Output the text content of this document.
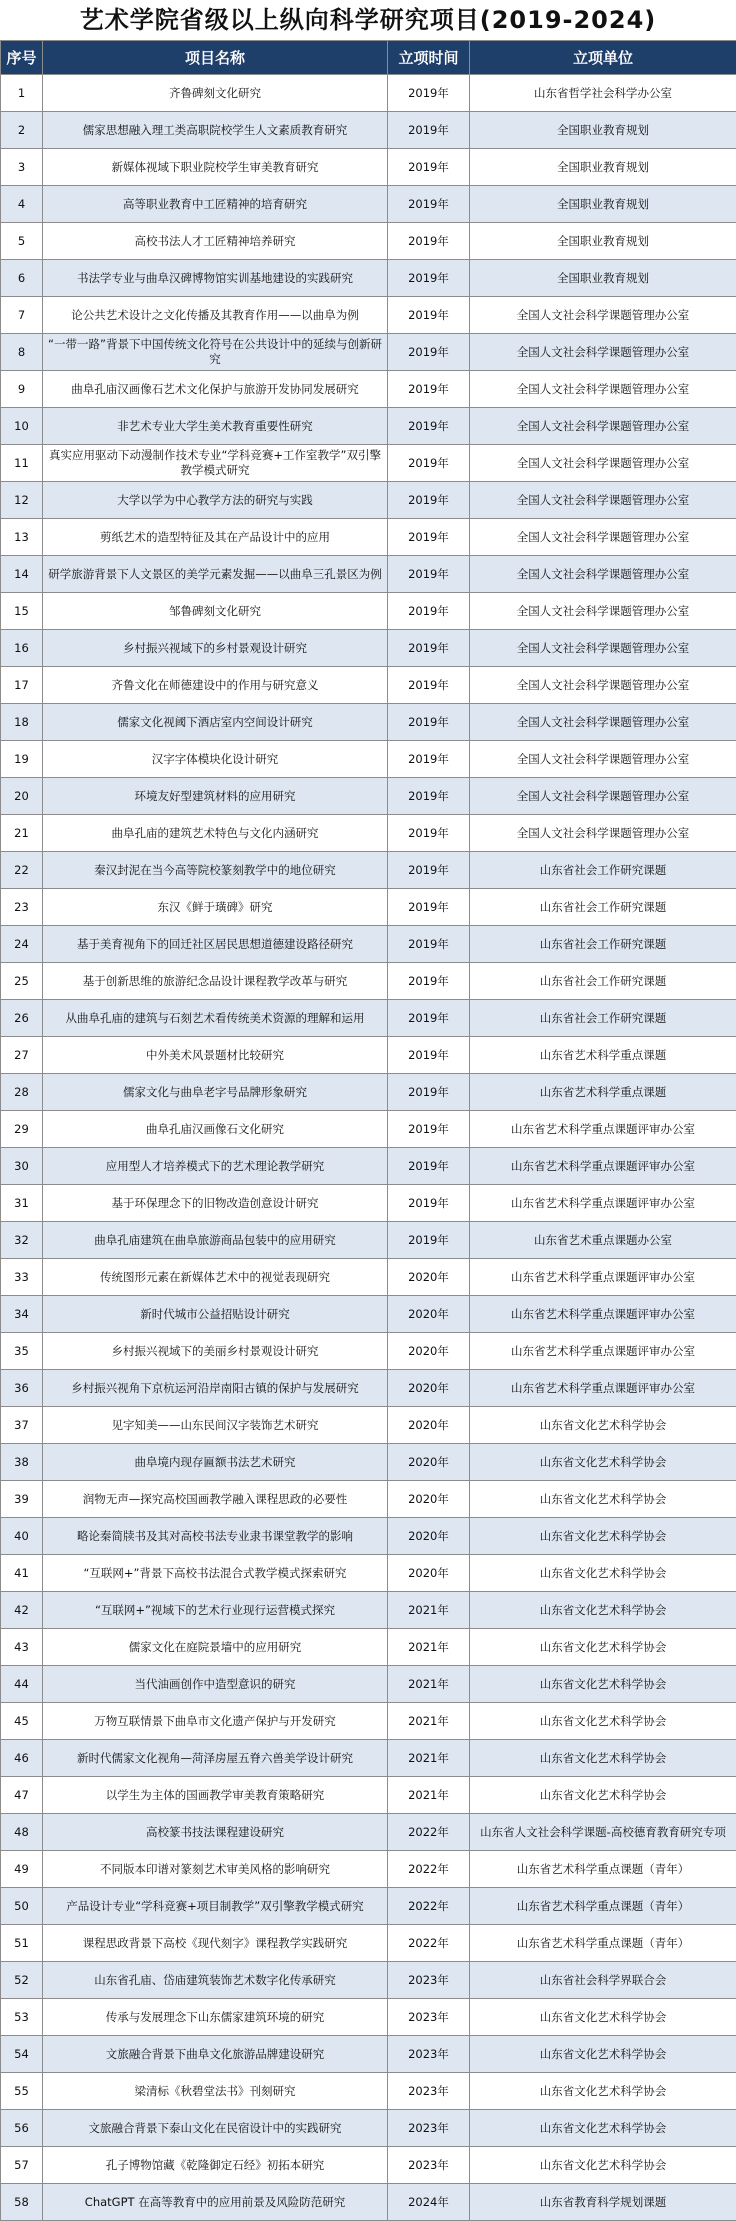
艺术学院省级以上纵向科学研究项目(2019-2024)
序号	项目名称	立项时间	立项单位
1	齐鲁碑刻文化研究	2019年	山东省哲学社会科学办公室
2	儒家思想融入理工类高职院校学生人文素质教育研究	2019年	全国职业教育规划
3	新媒体视域下职业院校学生审美教育研究	2019年	全国职业教育规划
4	高等职业教育中工匠精神的培育研究	2019年	全国职业教育规划
5	高校书法人才工匠精神培养研究	2019年	全国职业教育规划
6	书法学专业与曲阜汉碑博物馆实训基地建设的实践研究	2019年	全国职业教育规划
7	论公共艺术设计之文化传播及其教育作用——以曲阜为例	2019年	全国人文社会科学课题管理办公室
8	“一带一路”背景下中国传统文化符号在公共设计中的延续与创新研究	2019年	全国人文社会科学课题管理办公室
9	曲阜孔庙汉画像石艺术文化保护与旅游开发协同发展研究	2019年	全国人文社会科学课题管理办公室
10	非艺术专业大学生美术教育重要性研究	2019年	全国人文社会科学课题管理办公室
11	真实应用驱动下动漫制作技术专业“学科竞赛+工作室教学”双引擎教学模式研究	2019年	全国人文社会科学课题管理办公室
12	大学以学为中心教学方法的研究与实践	2019年	全国人文社会科学课题管理办公室
13	剪纸艺术的造型特征及其在产品设计中的应用	2019年	全国人文社会科学课题管理办公室
14	研学旅游背景下人文景区的美学元素发掘——以曲阜三孔景区为例	2019年	全国人文社会科学课题管理办公室
15	邹鲁碑刻文化研究	2019年	全国人文社会科学课题管理办公室
16	乡村振兴视域下的乡村景观设计研究	2019年	全国人文社会科学课题管理办公室
17	齐鲁文化在师德建设中的作用与研究意义	2019年	全国人文社会科学课题管理办公室
18	儒家文化视阈下酒店室内空间设计研究	2019年	全国人文社会科学课题管理办公室
19	汉字字体模块化设计研究	2019年	全国人文社会科学课题管理办公室
20	环境友好型建筑材料的应用研究	2019年	全国人文社会科学课题管理办公室
21	曲阜孔庙的建筑艺术特色与文化内涵研究	2019年	全国人文社会科学课题管理办公室
22	秦汉封泥在当今高等院校篆刻教学中的地位研究	2019年	山东省社会工作研究课题
23	东汉《鲜于璜碑》研究	2019年	山东省社会工作研究课题
24	基于美育视角下的回迁社区居民思想道德建设路径研究	2019年	山东省社会工作研究课题
25	基于创新思维的旅游纪念品设计课程教学改革与研究	2019年	山东省社会工作研究课题
26	从曲阜孔庙的建筑与石刻艺术看传统美术资源的理解和运用	2019年	山东省社会工作研究课题
27	中外美术风景题材比较研究	2019年	山东省艺术科学重点课题
28	儒家文化与曲阜老字号品牌形象研究	2019年	山东省艺术科学重点课题
29	曲阜孔庙汉画像石文化研究	2019年	山东省艺术科学重点课题评审办公室
30	应用型人才培养模式下的艺术理论教学研究	2019年	山东省艺术科学重点课题评审办公室
31	基于环保理念下的旧物改造创意设计研究	2019年	山东省艺术科学重点课题评审办公室
32	曲阜孔庙建筑在曲阜旅游商品包装中的应用研究	2019年	山东省艺术重点课题办公室
33	传统图形元素在新媒体艺术中的视觉表现研究	2020年	山东省艺术科学重点课题评审办公室
34	新时代城市公益招贴设计研究	2020年	山东省艺术科学重点课题评审办公室
35	乡村振兴视域下的美丽乡村景观设计研究	2020年	山东省艺术科学重点课题评审办公室
36	乡村振兴视角下京杭运河沿岸南阳古镇的保护与发展研究	2020年	山东省艺术科学重点课题评审办公室
37	见字知美——山东民间汉字装饰艺术研究	2020年	山东省文化艺术科学协会
38	曲阜境内现存匾额书法艺术研究	2020年	山东省文化艺术科学协会
39	润物无声—探究高校国画教学融入课程思政的必要性	2020年	山东省文化艺术科学协会
40	略论秦简牍书及其对高校书法专业隶书课堂教学的影响	2020年	山东省文化艺术科学协会
41	“互联网+”背景下高校书法混合式教学模式探索研究	2020年	山东省文化艺术科学协会
42	“互联网+”视域下的艺术行业现行运营模式探究	2021年	山东省文化艺术科学协会
43	儒家文化在庭院景墙中的应用研究	2021年	山东省文化艺术科学协会
44	当代油画创作中造型意识的研究	2021年	山东省文化艺术科学协会
45	万物互联情景下曲阜市文化遗产保护与开发研究	2021年	山东省文化艺术科学协会
46	新时代儒家文化视角—菏泽房屋五脊六兽美学设计研究	2021年	山东省文化艺术科学协会
47	以学生为主体的国画教学审美教育策略研究	2021年	山东省文化艺术科学协会
48	高校篆书技法课程建设研究	2022年	山东省人文社会科学课题-高校德育教育研究专项
49	不同版本印谱对篆刻艺术审美风格的影响研究	2022年	山东省艺术科学重点课题（青年）
50	产品设计专业“学科竞赛+项目制教学”双引擎教学模式研究	2022年	山东省艺术科学重点课题（青年）
51	课程思政背景下高校《现代刻字》课程教学实践研究	2022年	山东省艺术科学重点课题（青年）
52	山东省孔庙、岱庙建筑装饰艺术数字化传承研究	2023年	山东省社会科学界联合会
53	传承与发展理念下山东儒家建筑环境的研究	2023年	山东省文化艺术科学协会
54	文旅融合背景下曲阜文化旅游品牌建设研究	2023年	山东省文化艺术科学协会
55	梁清标《秋碧堂法书》刊刻研究	2023年	山东省文化艺术科学协会
56	文旅融合背景下泰山文化在民宿设计中的实践研究	2023年	山东省文化艺术科学协会
57	孔子博物馆藏《乾隆御定石经》初拓本研究	2023年	山东省文化艺术科学协会
58	ChatGPT 在高等教育中的应用前景及风险防范研究	2024年	山东省教育科学规划课题
